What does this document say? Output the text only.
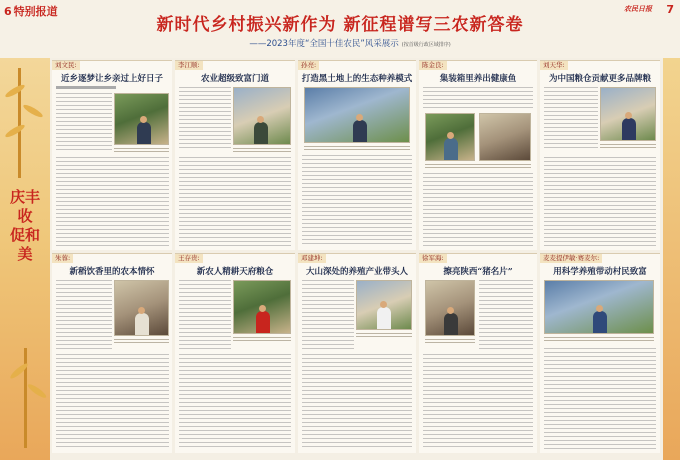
6 特别报道	农民日报 7
新时代乡村振兴新作为 新征程谱写三农新答卷
——2023年度“全国十佳农民”风采展示 (按首级行政区域排序)
庆丰收 促和美
刘文民:
近乡逐梦让乡亲过上好日子
李江顺:
农业超级致富门道
孙亮:
打造黑土地上的生态种养模式
陈金良:
集装箱里养出健康鱼
刘天华:
为中国粮仓贡献更多品牌粮
朱蓉:
新稻饮香里的农本情怀
王存贵:
新农人精耕天府粮仓
邓建坤:
大山深处的养殖产业带头人
徐军海:
擦亮陕西“猪名片”
麦麦提伊敏·赛麦尔:
用科学养殖带动村民致富
